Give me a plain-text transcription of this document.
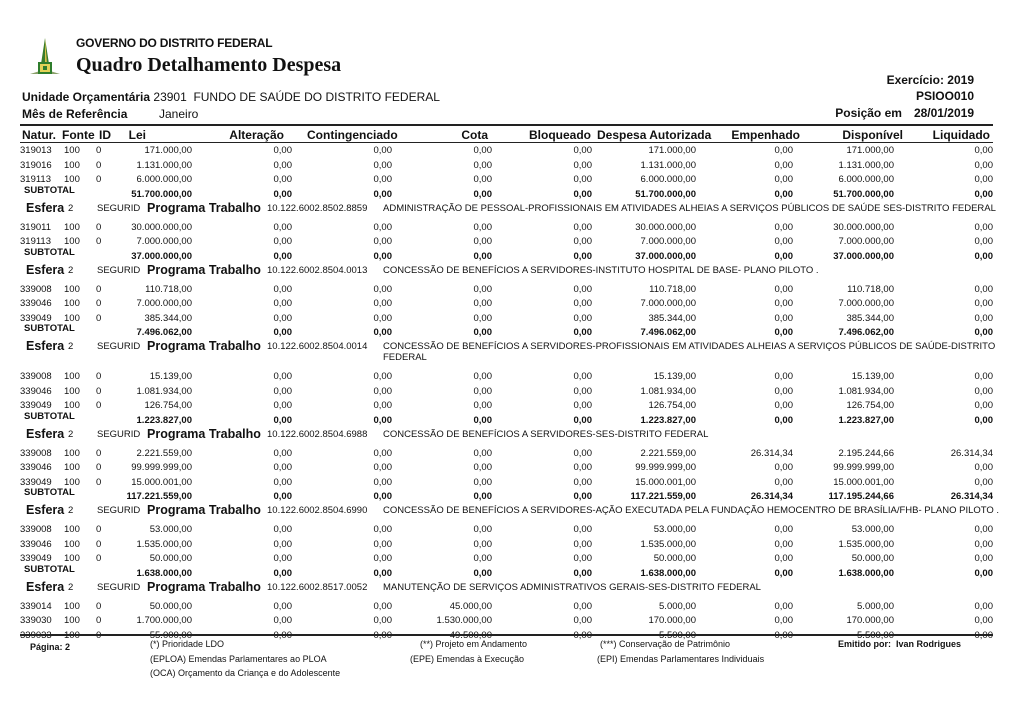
GOVERNO DO DISTRITO FEDERAL
Quadro Detalhamento Despesa
Exercício: 2019
PSIOO010
Posição em 28/01/2019
Unidade Orçamentária 23901 FUNDO DE SAÚDE DO DISTRITO FEDERAL
Mês de Referência	Janeiro
Natur. Fonte ID Lei	Alteração Contingenciado	Cota	Bloqueado Despesa Autorizada Empenhado	Disponível Liquidado
319013 100 0	171.000,00	0,00	0,00	0,00	0,00	171.000,00	0,00	171.000,00	0,00
319016 100 0	1.131.000,00	0,00	0,00	0,00	0,00	1.131.000,00	0,00	1.131.000,00	0,00
319113 100 0	6.000.000,00	0,00	0,00	0,00	0,00	6.000.000,00	0,00	6.000.000,00	0,00
SUBTOTAL	51.700.000,00	0,00	0,00	0,00	0,00	51.700.000,00	0,00	51.700.000,00	0,00
Esfera 2 SEGURID Programa Trabalho 10.122.6002.8502.8859 ADMINISTRAÇÃO DE PESSOAL-PROFISSIONAIS EM ATIVIDADES ALHEIAS A SERVIÇOS PÚBLICOS DE SAÚDE SES-DISTRITO FEDERAL
319011 100 0	30.000.000,00	0,00	0,00	0,00	0,00	30.000.000,00	0,00	30.000.000,00	0,00
319113 100 0	7.000.000,00	0,00	0,00	0,00	0,00	7.000.000,00	0,00	7.000.000,00	0,00
SUBTOTAL	37.000.000,00	0,00	0,00	0,00	0,00	37.000.000,00	0,00	37.000.000,00	0,00
Esfera 2 SEGURID Programa Trabalho 10.122.6002.8504.0013 CONCESSÃO DE BENEFÍCIOS A SERVIDORES-INSTITUTO HOSPITAL DE BASE- PLANO PILOTO .
339008 100 0	110.718,00	0,00	0,00	0,00	0,00	110.718,00	0,00	110.718,00	0,00
339046 100 0	7.000.000,00	0,00	0,00	0,00	0,00	7.000.000,00	0,00	7.000.000,00	0,00
339049 100 0	385.344,00	0,00	0,00	0,00	0,00	385.344,00	0,00	385.344,00	0,00
SUBTOTAL	7.496.062,00	0,00	0,00	0,00	0,00	7.496.062,00	0,00	7.496.062,00	0,00
Esfera 2 SEGURID Programa Trabalho 10.122.6002.8504.0014 CONCESSÃO DE BENEFÍCIOS A SERVIDORES-PROFISSIONAIS EM ATIVIDADES ALHEIAS A SERVIÇOS PÚBLICOS DE SAÚDE-DISTRITO FEDERAL
339008 100 0	15.139,00	0,00	0,00	0,00	0,00	15.139,00	0,00	15.139,00	0,00
339046 100 0	1.081.934,00	0,00	0,00	0,00	0,00	1.081.934,00	0,00	1.081.934,00	0,00
339049 100 0	126.754,00	0,00	0,00	0,00	0,00	126.754,00	0,00	126.754,00	0,00
SUBTOTAL	1.223.827,00	0,00	0,00	0,00	0,00	1.223.827,00	0,00	1.223.827,00	0,00
Esfera 2 SEGURID Programa Trabalho 10.122.6002.8504.6988 CONCESSÃO DE BENEFÍCIOS A SERVIDORES-SES-DISTRITO FEDERAL
339008 100 0	2.221.559,00	0,00	0,00	0,00	0,00	2.221.559,00	26.314,34	2.195.244,66	26.314,34
339046 100 0	99.999.999,00	0,00	0,00	0,00	0,00	99.999.999,00	0,00	99.999.999,00	0,00
339049 100 0	15.000.001,00	0,00	0,00	0,00	0,00	15.000.001,00	0,00	15.000.001,00	0,00
SUBTOTAL	117.221.559,00	0,00	0,00	0,00	0,00	117.221.559,00	26.314,34	117.195.244,66	26.314,34
Esfera 2 SEGURID Programa Trabalho 10.122.6002.8504.6990 CONCESSÃO DE BENEFÍCIOS A SERVIDORES-AÇÃO EXECUTADA PELA FUNDAÇÃO HEMOCENTRO DE BRASÍLIA/FHB- PLANO PILOTO .
339008 100 0	53.000,00	0,00	0,00	0,00	0,00	53.000,00	0,00	53.000,00	0,00
339046 100 0	1.535.000,00	0,00	0,00	0,00	0,00	1.535.000,00	0,00	1.535.000,00	0,00
339049 100 0	50.000,00	0,00	0,00	0,00	0,00	50.000,00	0,00	50.000,00	0,00
SUBTOTAL	1.638.000,00	0,00	0,00	0,00	0,00	1.638.000,00	0,00	1.638.000,00	0,00
Esfera 2 SEGURID Programa Trabalho 10.122.6002.8517.0052 MANUTENÇÃO DE SERVIÇOS ADMINISTRATIVOS GERAIS-SES-DISTRITO FEDERAL
339014 100 0	50.000,00	0,00	0,00	45.000,00	0,00	5.000,00	0,00	5.000,00	0,00
339030 100 0	1.700.000,00	0,00	0,00	1.530.000,00	0,00	170.000,00	0,00	170.000,00	0,00
Página: 2	(*) Prioridade LDO	(**) Projeto em Andamento	(***) Conservação de Patrimônio
(EPLOA) Emendas Parlamentares ao PLOA	(EPE) Emendas à Execução	(EPI) Emendas Parlamentares Individuais
(OCA) Orçamento da Criança e do Adolescente
Emitido por: Ivan Rodrigues
